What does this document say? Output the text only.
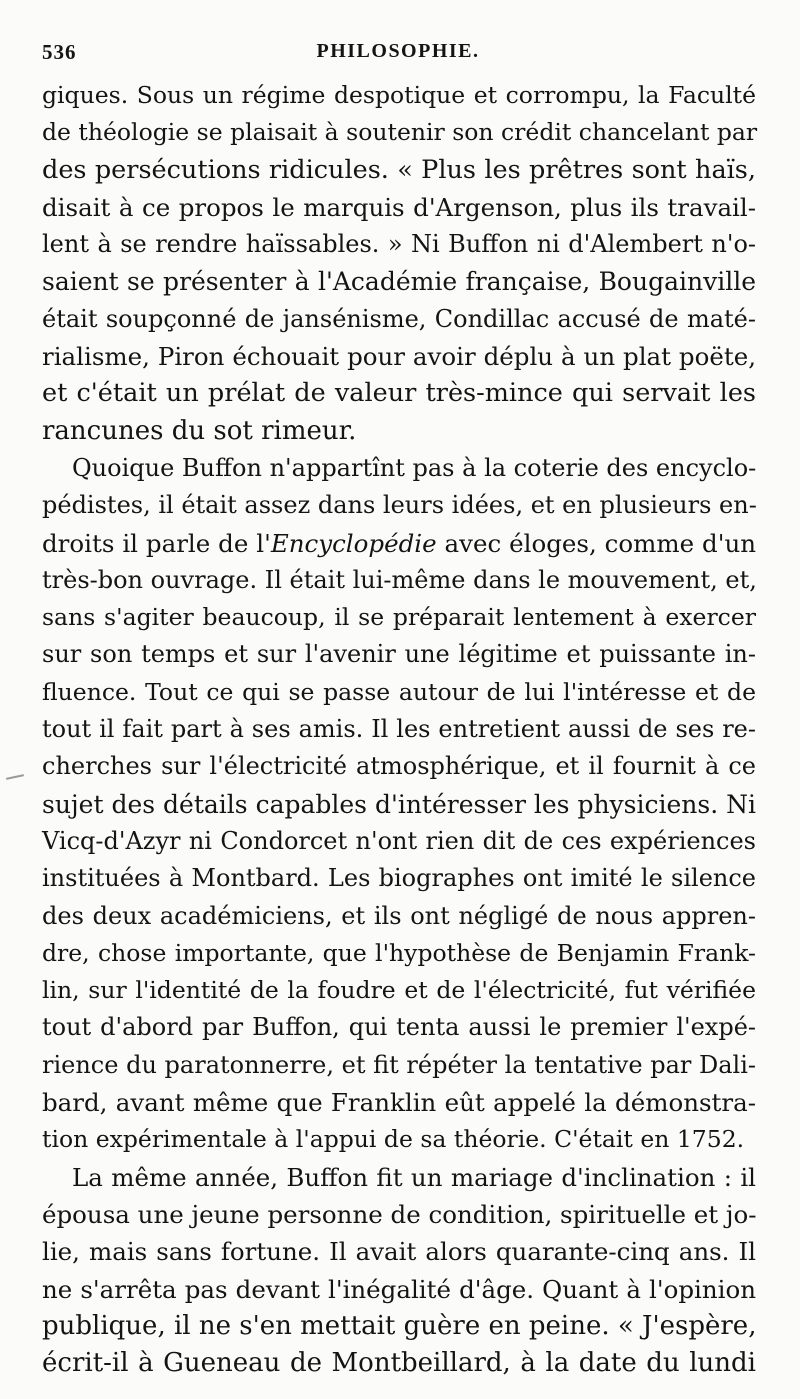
536	PHILOSOPHIE.
giques. Sous un régime despotique et corrompu, la Faculté
de théologie se plaisait à soutenir son crédit chancelant par
des persécutions ridicules. « Plus les prêtres sont haïs,
disait à ce propos le marquis d'Argenson, plus ils travail-
lent à se rendre haïssables. » Ni Buffon ni d'Alembert n'o-
saient se présenter à l'Académie française, Bougainville
était soupçonné de jansénisme, Condillac accusé de maté-
rialisme, Piron échouait pour avoir déplu à un plat poëte,
et c'était un prélat de valeur très-mince qui servait les
rancunes du sot rimeur.
Quoique Buffon n'appartînt pas à la coterie des encyclo-
pédistes, il était assez dans leurs idées, et en plusieurs en-
droits il parle de l'Encyclopédie avec éloges, comme d'un
très-bon ouvrage. Il était lui-même dans le mouvement, et,
sans s'agiter beaucoup, il se préparait lentement à exercer
sur son temps et sur l'avenir une légitime et puissante in-
fluence. Tout ce qui se passe autour de lui l'intéresse et de
tout il fait part à ses amis. Il les entretient aussi de ses re-
cherches sur l'électricité atmosphérique, et il fournit à ce
sujet des détails capables d'intéresser les physiciens. Ni
Vicq-d'Azyr ni Condorcet n'ont rien dit de ces expériences
instituées à Montbard. Les biographes ont imité le silence
des deux académiciens, et ils ont négligé de nous appren-
dre, chose importante, que l'hypothèse de Benjamin Frank-
lin, sur l'identité de la foudre et de l'électricité, fut vérifiée
tout d'abord par Buffon, qui tenta aussi le premier l'expé-
rience du paratonnerre, et fit répéter la tentative par Dali-
bard, avant même que Franklin eût appelé la démonstra-
tion expérimentale à l'appui de sa théorie. C'était en 1752.
La même année, Buffon fit un mariage d'inclination : il
épousa une jeune personne de condition, spirituelle et jo-
lie, mais sans fortune. Il avait alors quarante-cinq ans. Il
ne s'arrêta pas devant l'inégalité d'âge. Quant à l'opinion
publique, il ne s'en mettait guère en peine. « J'espère,
écrit-il à Gueneau de Montbeillard, à la date du lundi
